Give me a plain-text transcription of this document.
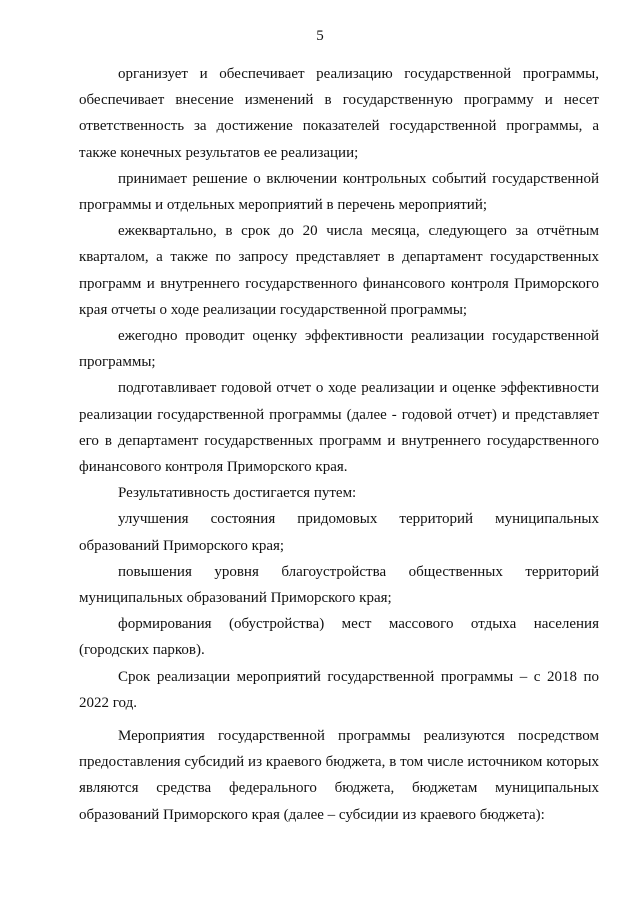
5

организует и обеспечивает реализацию государственной программы, обеспечивает внесение изменений в государственную программу и несет ответственность за достижение показателей государственной программы, а также конечных результатов ее реализации;

принимает решение о включении контрольных событий государственной программы и отдельных мероприятий в перечень мероприятий;

ежеквартально, в срок до 20 числа месяца, следующего за отчётным кварталом, а также по запросу представляет в департамент государственных программ и внутреннего государственного финансового контроля Приморского края отчеты о ходе реализации государственной программы;

ежегодно проводит оценку эффективности реализации государственной программы;

подготавливает годовой отчет о ходе реализации и оценке эффективности реализации государственной программы (далее - годовой отчет) и представляет его в департамент государственных программ и внутреннего государственного финансового контроля Приморского края.

Результативность достигается путем:

улучшения состояния придомовых территорий муниципальных образований Приморского края;

повышения уровня благоустройства общественных территорий муниципальных образований Приморского края;

формирования (обустройства) мест массового отдыха населения (городских парков).

Срок реализации мероприятий государственной программы – с 2018 по 2022 год.

Мероприятия государственной программы реализуются посредством предоставления субсидий из краевого бюджета, в том числе источником которых являются средства федерального бюджета, бюджетам муниципальных образований Приморского края (далее – субсидии из краевого бюджета):
